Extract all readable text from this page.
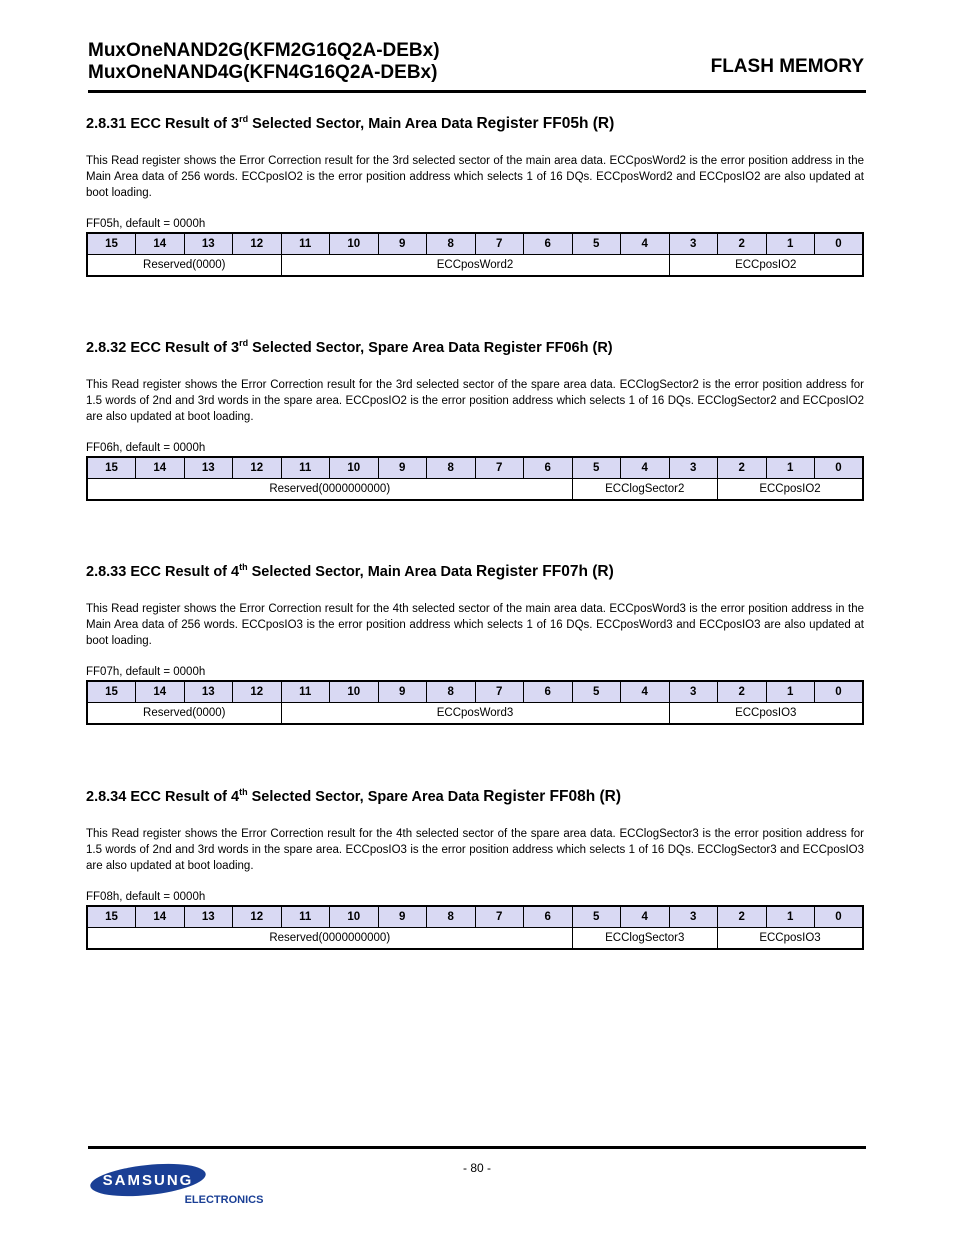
MuxOneNAND2G(KFM2G16Q2A-DEBx)
MuxOneNAND4G(KFN4G16Q2A-DEBx)	FLASH MEMORY
2.8.31 ECC Result of 3rd Selected Sector, Main Area Data Register FF05h (R)

This Read register shows the Error Correction result for the 3rd selected sector of the main area data. ECCposWord2 is the error position address in the Main Area data of 256 words. ECCposIO2 is the error position address which selects 1 of 16 DQs. ECCposWord2 and ECCposIO2 are also updated at boot loading.

FF05h, default = 0000h
15	14	13	12	11	10	9	8	7	6	5	4	3	2	1	0
Reserved(0000)				ECCposWord2								ECCposIO2			
2.8.32 ECC Result of 3rd Selected Sector, Spare Area Data Register FF06h (R)

This Read register shows the Error Correction result for the 3rd selected sector of the spare area data. ECClogSector2 is the error position address for 1.5 words of 2nd and 3rd words in the spare area. ECCposIO2 is the error position address which selects 1 of 16 DQs. ECClogSector2 and ECCposIO2 are also updated at boot loading.

FF06h, default = 0000h
15	14	13	12	11	10	9	8	7	6	5	4	3	2	1	0
Reserved(0000000000)										ECClogSector2			ECCposIO2		
2.8.33 ECC Result of 4th Selected Sector, Main Area Data Register FF07h (R)

This Read register shows the Error Correction result for the 4th selected sector of the main area data. ECCposWord3 is the error position address in the Main Area data of 256 words. ECCposIO3 is the error position address which selects 1 of 16 DQs. ECCposWord3 and ECCposIO3 are also updated at boot loading.

FF07h, default = 0000h
15	14	13	12	11	10	9	8	7	6	5	4	3	2	1	0
Reserved(0000)				ECCposWord3								ECCposIO3			
2.8.34 ECC Result of 4th Selected Sector, Spare Area Data Register FF08h (R)

This Read register shows the Error Correction result for the 4th selected sector of the spare area data. ECClogSector3 is the error position address for 1.5 words of 2nd and 3rd words in the spare area. ECCposIO3 is the error position address which selects 1 of 16 DQs. ECClogSector3 and ECCposIO3 are also updated at boot loading.

FF08h, default = 0000h
15	14	13	12	11	10	9	8	7	6	5	4	3	2	1	0
Reserved(0000000000)										ECClogSector3			ECCposIO3		
- 80 -
SAMSUNG
ELECTRONICS
